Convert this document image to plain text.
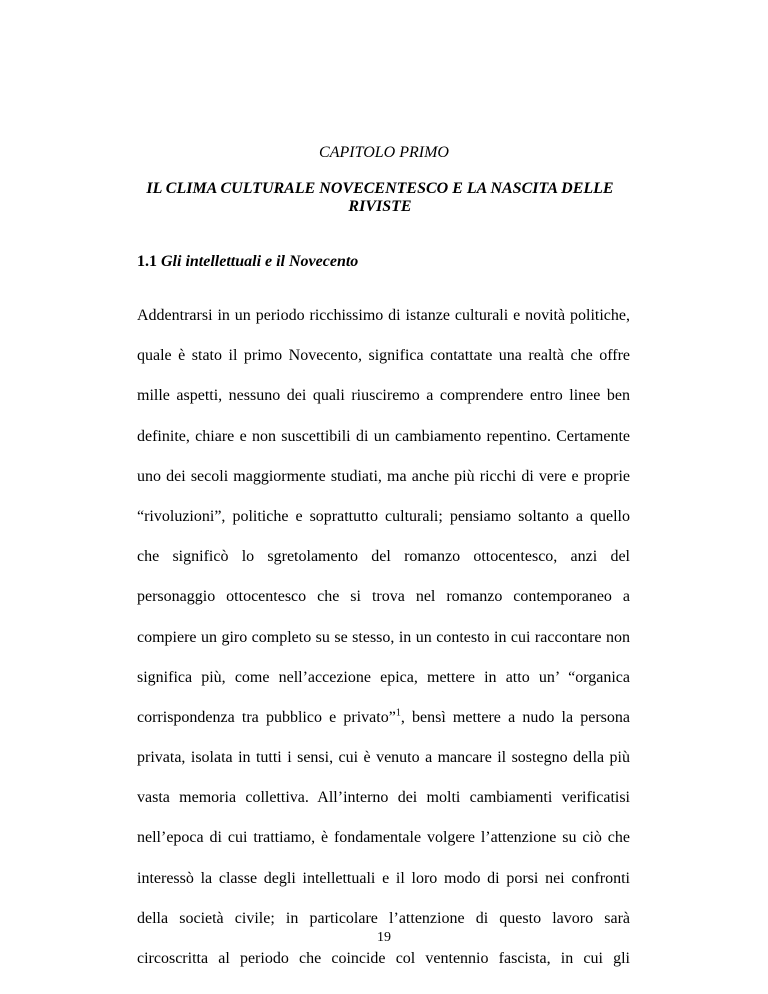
CAPITOLO PRIMO
IL CLIMA CULTURALE NOVECENTESCO E LA NASCITA DELLE RIVISTE
1.1 Gli intellettuali e il Novecento
Addentrarsi in un periodo ricchissimo di istanze culturali e novità politiche,
quale è stato il primo Novecento, significa contattate una realtà che offre
mille aspetti, nessuno dei quali riusciremo a comprendere entro linee ben
definite, chiare e non suscettibili di un cambiamento repentino. Certamente
uno dei secoli maggiormente studiati, ma anche più ricchi di vere e proprie
“rivoluzioni”, politiche e soprattutto culturali; pensiamo soltanto a quello
che significò lo sgretolamento del romanzo ottocentesco, anzi del
personaggio ottocentesco che si trova nel romanzo contemporaneo a
compiere un giro completo su se stesso, in un contesto in cui raccontare non
significa più, come nell’accezione epica, mettere in atto un’ “organica
corrispondenza tra pubblico e privato”$^1$, bensì mettere a nudo la persona
privata, isolata in tutti i sensi, cui è venuto a mancare il sostegno della più
vasta memoria collettiva. All’interno dei molti cambiamenti verificatisi
nell’epoca di cui trattiamo, è fondamentale volgere l’attenzione su ciò che
interessò la classe degli intellettuali e il loro modo di porsi nei confronti
della società civile; in particolare l’attenzione di questo lavoro sarà
circoscritta al periodo che coincide col ventennio fascista, in cui gli
19
